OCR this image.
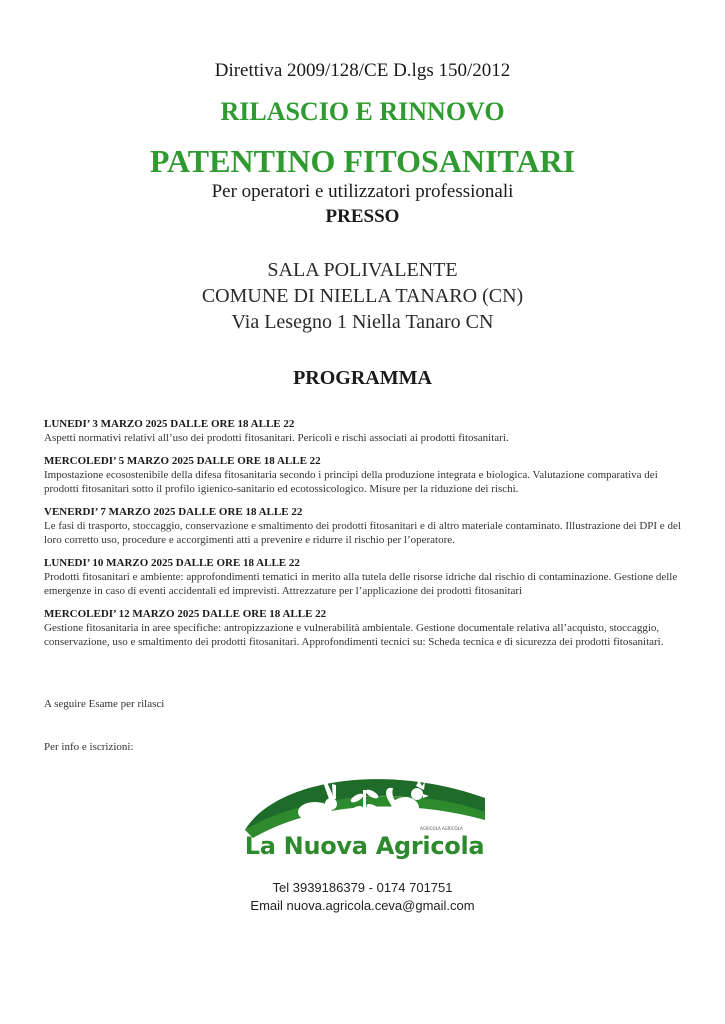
Direttiva 2009/128/CE D.lgs 150/2012
RILASCIO E RINNOVO
PATENTINO FITOSANITARI
Per operatori e utilizzatori professionali
PRESSO
SALA POLIVALENTE
COMUNE DI NIELLA TANARO (CN)
Via Lesegno 1 Niella Tanaro CN
PROGRAMMA
LUNEDI’ 3 MARZO 2025 DALLE ORE 18 ALLE 22
Aspetti normativi relativi all’uso dei prodotti fitosanitari. Pericoli e rischi associati ai prodotti fitosanitari.
MERCOLEDI’ 5 MARZO 2025 DALLE ORE 18 ALLE 22
Impostazione ecosostenibile della difesa fitosanitaria secondo i principi della produzione integrata e biologica. Valutazione comparativa dei prodotti fitosanitari sotto il profilo igienico-sanitario ed ecotossicologico. Misure per la riduzione dei rischi.
VENERDI’ 7 MARZO 2025 DALLE ORE 18 ALLE 22
Le fasi di trasporto, stoccaggio, conservazione e smaltimento dei prodotti fitosanitari e di altro materiale contaminato. Illustrazione dei DPI e del loro corretto uso, procedure e accorgimenti atti a prevenire e ridurre il rischio per l’operatore.
LUNEDI’ 10 MARZO 2025 DALLE ORE 18 ALLE 22
Prodotti fitosanitari e ambiente: approfondimenti tematici in merito alla tutela delle risorse idriche dal rischio di contaminazione. Gestione delle emergenze in caso di eventi accidentali ed imprevisti. Attrezzature per l’applicazione dei prodotti fitosanitari
MERCOLEDI’ 12 MARZO 2025 DALLE ORE 18 ALLE 22
Gestione fitosanitaria in aree specifiche: antropizzazione e vulnerabilità ambientale. Gestione documentale relativa all’acquisto, stoccaggio, conservazione, uso e smaltimento dei prodotti fitosanitari. Approfondimenti tecnici su: Scheda tecnica e di sicurezza dei prodotti fitosanitari.
A seguire Esame per rilasci
Per info e iscrizioni:
AGRICOLA AGRICOLA
La Nuova Agricola
Tel 3939186379 - 0174 701751
Email nuova.agricola.ceva@gmail.com
